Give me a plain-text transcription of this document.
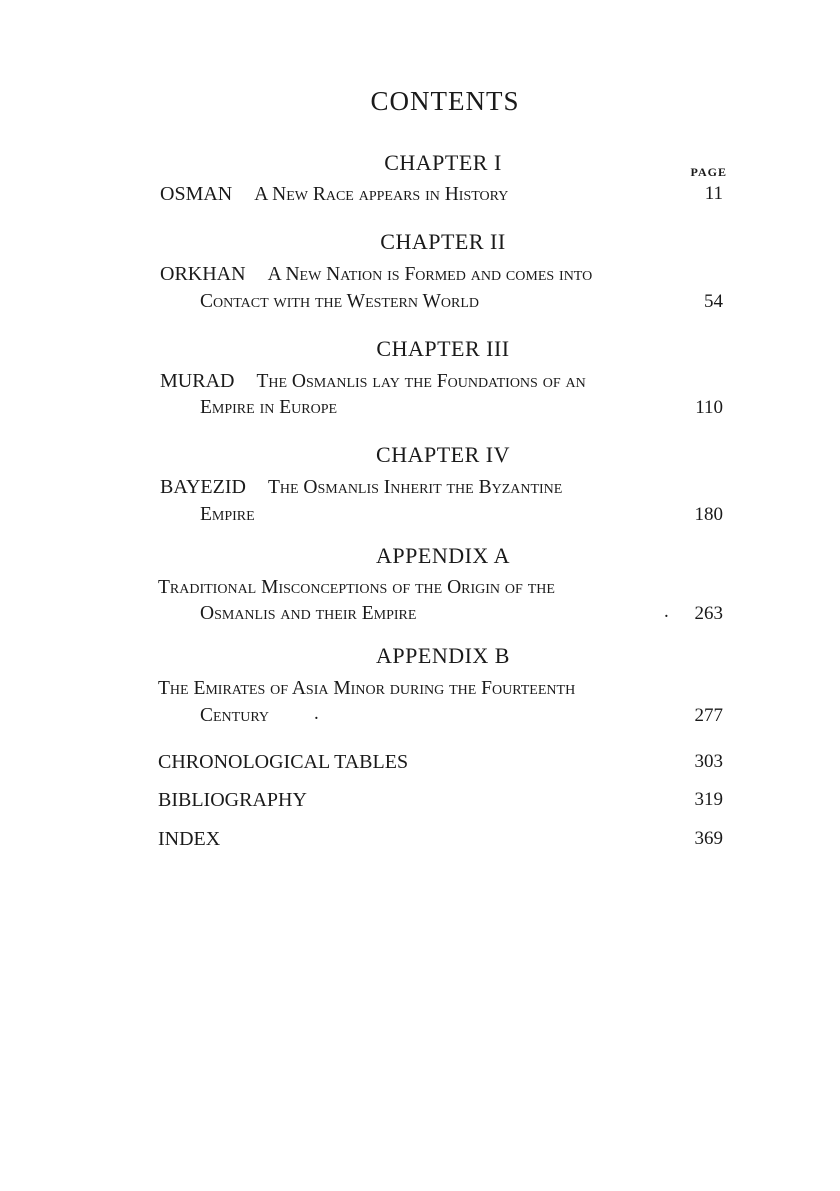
CONTENTS
CHAPTER I	PAGE
OSMAN A New Race appears in History	11
CHAPTER II
ORKHAN A New Nation is Formed and comes into
Contact with the Western World	54
CHAPTER III
MURAD The Osmanlis lay the Foundations of an
Empire in Europe	110
CHAPTER IV
BAYEZID The Osmanlis Inherit the Byzantine
Empire	180
APPENDIX A
Traditional Misconceptions of the Origin of the
Osmanlis and their Empire	. 263
APPENDIX B
The Emirates of Asia Minor during the Fourteenth
Century .	277
CHRONOLOGICAL TABLES	303
BIBLIOGRAPHY	319
INDEX	369
